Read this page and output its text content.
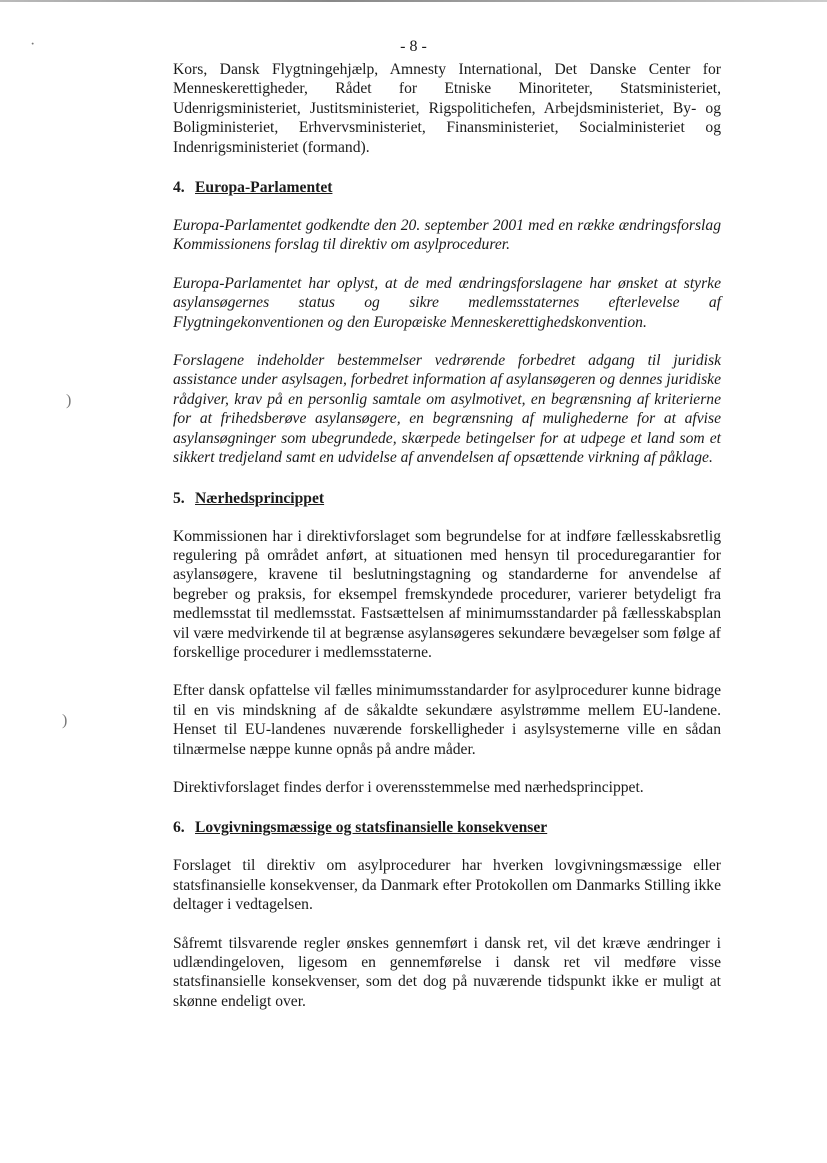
·
)
)
- 8 -

Kors, Dansk Flygtningehjælp, Amnesty International, Det Danske Center for Menneskerettigheder, Rådet for Etniske Minoriteter, Statsministeriet, Udenrigsministeriet, Justitsministeriet, Rigspolitichefen, Arbejdsministeriet, By- og Boligministeriet, Erhvervsministeriet, Finansministeriet, Socialministeriet og Indenrigsministeriet (formand).

4. Europa-Parlamentet

Europa-Parlamentet godkendte den 20. september 2001 med en række ændringsforslag Kommissionens forslag til direktiv om asylprocedurer.

Europa-Parlamentet har oplyst, at de med ændringsforslagene har ønsket at styrke asylansøgernes status og sikre medlemsstaternes efterlevelse af Flygtningekonventionen og den Europæiske Menneskerettighedskonvention.

Forslagene indeholder bestemmelser vedrørende forbedret adgang til juridisk assistance under asylsagen, forbedret information af asylansøgeren og dennes juridiske rådgiver, krav på en personlig samtale om asylmotivet, en begrænsning af kriterierne for at frihedsberøve asylansøgere, en begrænsning af mulighederne for at afvise asylansøgninger som ubegrundede, skærpede betingelser for at udpege et land som et sikkert tredjeland samt en udvidelse af anvendelsen af opsættende virkning af påklage.

5. Nærhedsprincippet

Kommissionen har i direktivforslaget som begrundelse for at indføre fællesskabsretlig regulering på området anført, at situationen med hensyn til proceduregarantier for asylansøgere, kravene til beslutningstagning og standarderne for anvendelse af begreber og praksis, for eksempel fremskyndede procedurer, varierer betydeligt fra medlemsstat til medlemsstat. Fastsættelsen af minimumsstandarder på fællesskabsplan vil være medvirkende til at begrænse asylansøgeres sekundære bevægelser som følge af forskellige procedurer i medlemsstaterne.

Efter dansk opfattelse vil fælles minimumsstandarder for asylprocedurer kunne bidrage til en vis mindskning af de såkaldte sekundære asylstrømme mellem EU-landene. Henset til EU-landenes nuværende forskelligheder i asylsystemerne ville en sådan tilnærmelse næppe kunne opnås på andre måder.

Direktivforslaget findes derfor i overensstemmelse med nærhedsprincippet.

6. Lovgivningsmæssige og statsfinansielle konsekvenser

Forslaget til direktiv om asylprocedurer har hverken lovgivningsmæssige eller statsfinansielle konsekvenser, da Danmark efter Protokollen om Danmarks Stilling ikke deltager i vedtagelsen.

Såfremt tilsvarende regler ønskes gennemført i dansk ret, vil det kræve ændringer i udlændingeloven, ligesom en gennemførelse i dansk ret vil medføre visse statsfinansielle konsekvenser, som det dog på nuværende tidspunkt ikke er muligt at skønne endeligt over.
